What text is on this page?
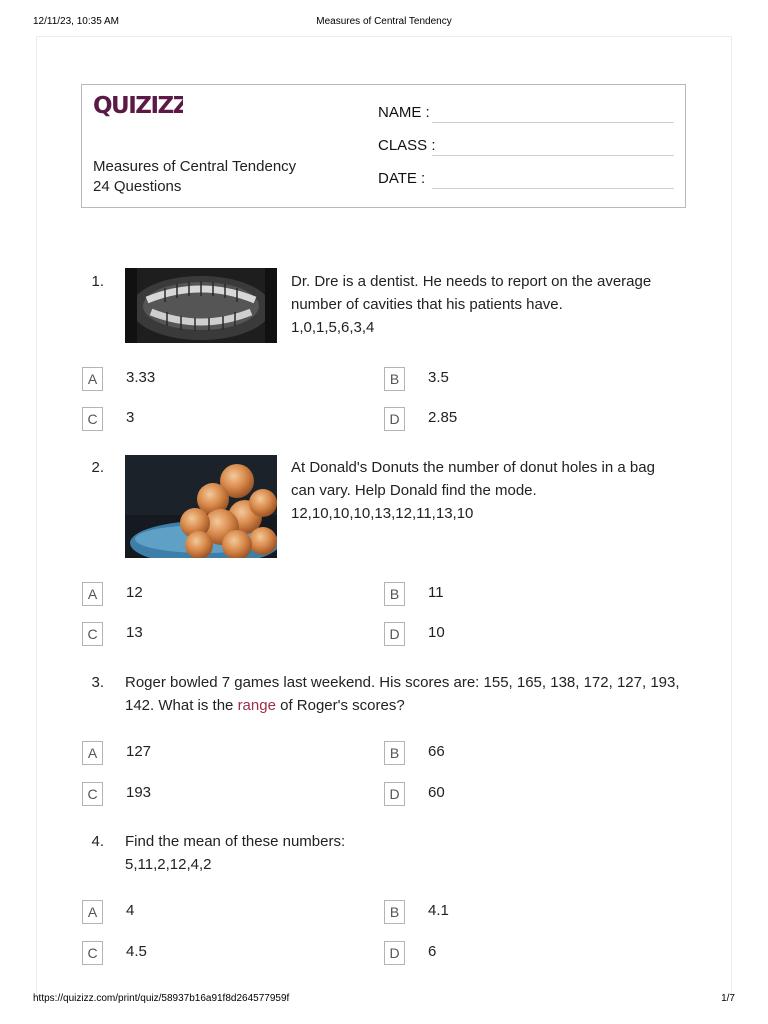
12/11/23, 10:35 AM	Measures of Central Tendency
QUIZIZZ
Measures of Central Tendency
24 Questions
NAME :
CLASS :
DATE :
1.	Dr. Dre is a dentist. He needs to report on the average
number of cavities that his patients have.
1,0,1,5,6,3,4
A	3.33	B	3.5
C	3	D	2.85
2.	At Donald's Donuts the number of donut holes in a bag
can vary. Help Donald find the mode.
12,10,10,10,13,12,11,13,10
A	12	B	11
C	13	D	10
3. Roger bowled 7 games last weekend. His scores are: 155, 165, 138, 172, 127, 193,
142. What is the range of Roger's scores?
A	127	B	66
C	193	D	60
4. Find the mean of these numbers:
5,11,2,12,4,2
A	4	B	4.1
C	4.5	D	6
https://quizizz.com/print/quiz/58937b16a91f8d264577959f	1/7
